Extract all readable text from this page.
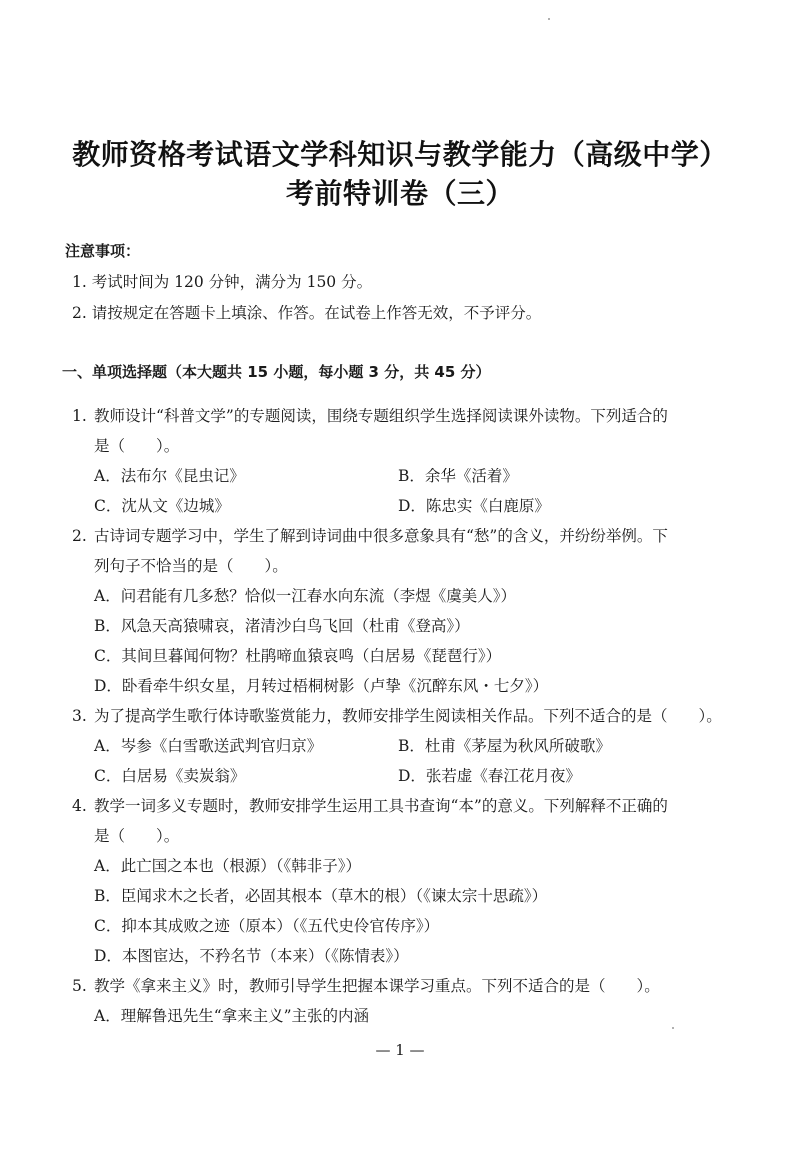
教师资格考试语文学科知识与教学能力（高级中学）
考前特训卷（三）
注意事项：
1. 考试时间为 120 分钟，满分为 150 分。
2. 请按规定在答题卡上填涂、作答。在试卷上作答无效，不予评分。
一、单项选择题（本大题共 15 小题，每小题 3 分，共 45 分）
1. 教师设计“科普文学”的专题阅读，围绕专题组织学生选择阅读课外读物。下列适合的
是（　　）。
A．法布尔《昆虫记》	B．余华《活着》
C．沈从文《边城》	D．陈忠实《白鹿原》
2. 古诗词专题学习中，学生了解到诗词曲中很多意象具有“愁”的含义，并纷纷举例。下
列句子不恰当的是（　　）。
A．问君能有几多愁？恰似一江春水向东流（李煜《虞美人》）
B．风急天高猿啸哀，渚清沙白鸟飞回（杜甫《登高》）
C．其间旦暮闻何物？杜鹃啼血猿哀鸣（白居易《琵琶行》）
D．卧看牵牛织女星，月转过梧桐树影（卢挚《沉醉东风・七夕》）
3. 为了提高学生歌行体诗歌鉴赏能力，教师安排学生阅读相关作品。下列不适合的是（　　）。
A．岑参《白雪歌送武判官归京》	B．杜甫《茅屋为秋风所破歌》
C．白居易《卖炭翁》	D．张若虚《春江花月夜》
4. 教学一词多义专题时，教师安排学生运用工具书查询“本”的意义。下列解释不正确的
是（　　）。
A．此亡国之本也（根源）（《韩非子》）
B．臣闻求木之长者，必固其根本（草木的根）（《谏太宗十思疏》）
C．抑本其成败之迹（原本）（《五代史伶官传序》）
D．本图宦达，不矜名节（本来）（《陈情表》）
5. 教学《拿来主义》时，教师引导学生把握本课学习重点。下列不适合的是（　　）。
A．理解鲁迅先生“拿来主义”主张的内涵
— 1 —
